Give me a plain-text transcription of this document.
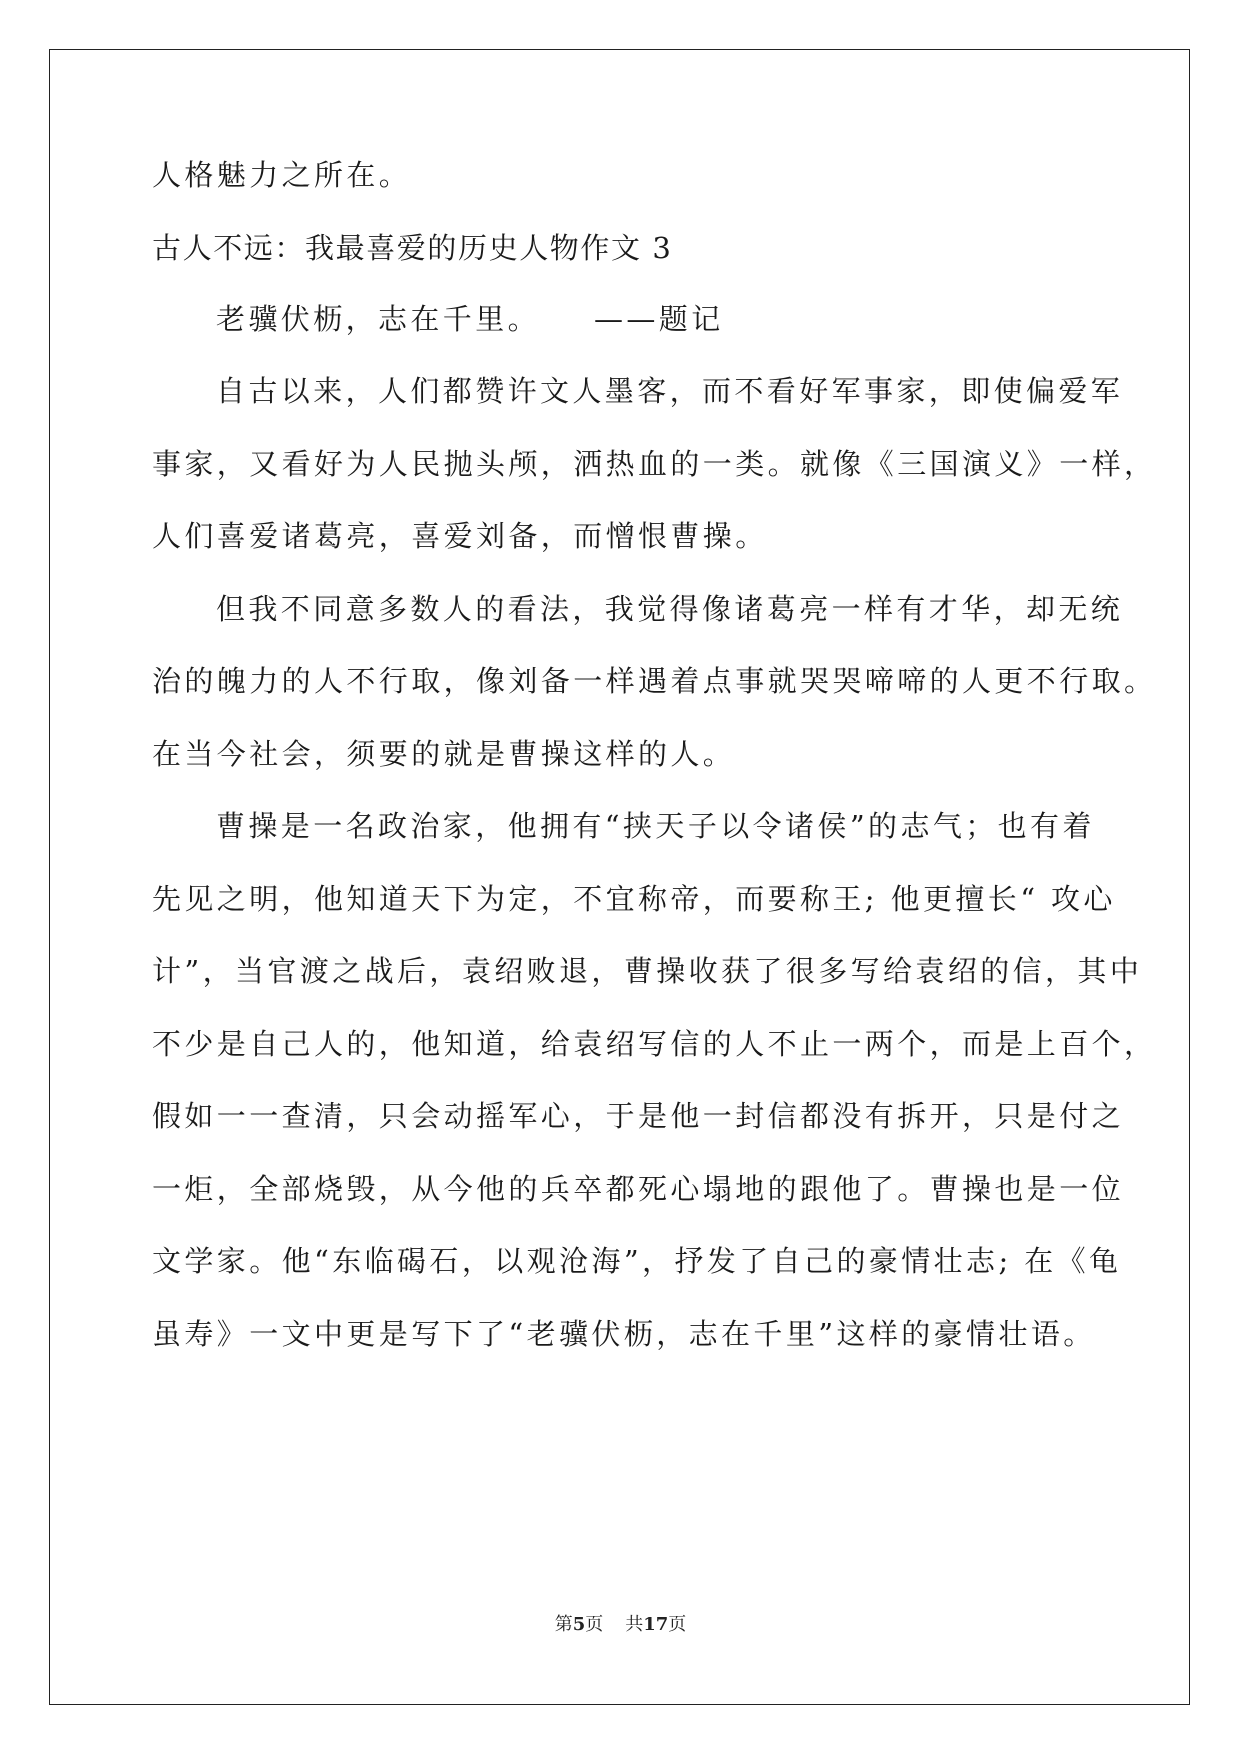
人格魅力之所在。
古人不远：我最喜爱的历史人物作文 3
老骥伏枥，志在千里。 ——题记
自古以来，人们都赞许文人墨客，而不看好军事家，即使偏爱军
事家，又看好为人民抛头颅，洒热血的一类。就像《三国演义》一样，
人们喜爱诸葛亮，喜爱刘备，而憎恨曹操。
但我不同意多数人的看法，我觉得像诸葛亮一样有才华，却无统
治的魄力的人不行取，像刘备一样遇着点事就哭哭啼啼的人更不行取。
在当今社会，须要的就是曹操这样的人。
曹操是一名政治家，他拥有“挟天子以令诸侯”的志气；也有着
先见之明，他知道天下为定，不宜称帝，而要称王; 他更擅长“ 攻心
计”，当官渡之战后，袁绍败退，曹操收获了很多写给袁绍的信，其中
不少是自己人的，他知道，给袁绍写信的人不止一两个，而是上百个，
假如一一查清，只会动摇军心，于是他一封信都没有拆开，只是付之
一炬，全部烧毁，从今他的兵卒都死心塌地的跟他了。曹操也是一位
文学家。他“东临碣石，以观沧海”，抒发了自己的豪情壮志; 在《龟
虽寿》一文中更是写下了“老骥伏枥，志在千里”这样的豪情壮语。
第5页 共17页
